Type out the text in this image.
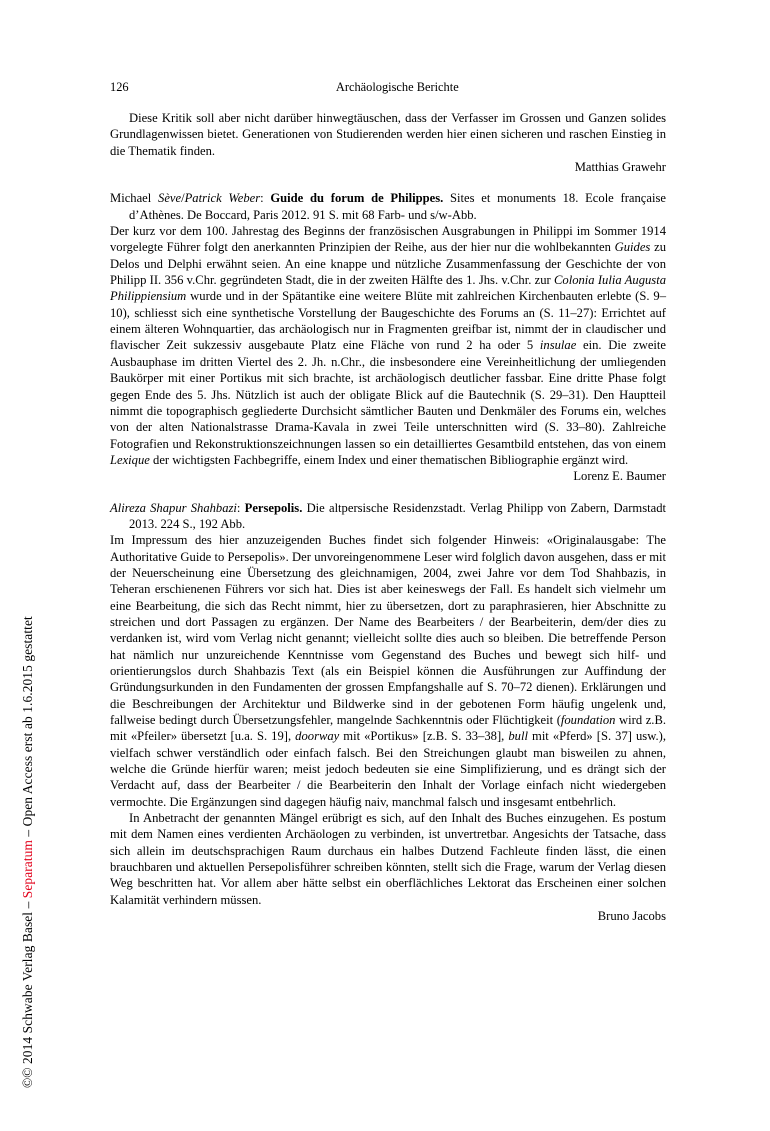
126	Archäologische Berichte

Diese Kritik soll aber nicht darüber hinwegtäuschen, dass der Verfasser im Grossen und Ganzen solides Grundlagenwissen bietet. Generationen von Studierenden werden hier einen sicheren und raschen Einstieg in die Thematik finden.

Matthias Grawehr

Michael Sève/Patrick Weber: Guide du forum de Philippes. Sites et monuments 18. Ecole française d’Athènes. De Boccard, Paris 2012. 91 S. mit 68 Farb- und s/w-Abb.

Der kurz vor dem 100. Jahrestag des Beginns der französischen Ausgrabungen in Philippi im Sommer 1914 vorgelegte Führer folgt den anerkannten Prinzipien der Reihe, aus der hier nur die wohlbekannten Guides zu Delos und Delphi erwähnt seien. An eine knappe und nützliche Zusammenfassung der Geschichte der von Philipp II. 356 v.Chr. gegründeten Stadt, die in der zweiten Hälfte des 1. Jhs. v.Chr. zur Colonia Iulia Augusta Philippiensium wurde und in der Spätantike eine weitere Blüte mit zahlreichen Kirchenbauten erlebte (S. 9–10), schliesst sich eine synthetische Vorstellung der Baugeschichte des Forums an (S. 11–27): Errichtet auf einem älteren Wohnquartier, das archäologisch nur in Fragmenten greifbar ist, nimmt der in claudischer und flavischer Zeit sukzessiv ausgebaute Platz eine Fläche von rund 2 ha oder 5 insulae ein. Die zweite Ausbauphase im dritten Viertel des 2. Jh. n.Chr., die insbesondere eine Vereinheitlichung der umliegenden Baukörper mit einer Portikus mit sich brachte, ist archäologisch deutlicher fassbar. Eine dritte Phase folgt gegen Ende des 5. Jhs. Nützlich ist auch der obligate Blick auf die Bautechnik (S. 29–31). Den Hauptteil nimmt die topographisch gegliederte Durchsicht sämtlicher Bauten und Denkmäler des Forums ein, welches von der alten Nationalstrasse Drama-Kavala in zwei Teile unterschnitten wird (S. 33–80). Zahlreiche Fotografien und Rekonstruktionszeichnungen lassen so ein detailliertes Gesamtbild entstehen, das von einem Lexique der wichtigsten Fachbegriffe, einem Index und einer thematischen Bibliographie ergänzt wird.

Lorenz E. Baumer

Alireza Shapur Shahbazi: Persepolis. Die altpersische Residenzstadt. Verlag Philipp von Zabern, Darmstadt 2013. 224 S., 192 Abb.

Im Impressum des hier anzuzeigenden Buches findet sich folgender Hinweis: «Originalausgabe: The Authoritative Guide to Persepolis». Der unvoreingenommene Leser wird folglich davon ausgehen, dass er mit der Neuerscheinung eine Übersetzung des gleichnamigen, 2004, zwei Jahre vor dem Tod Shahbazis, in Teheran erschienenen Führers vor sich hat. Dies ist aber keineswegs der Fall. Es handelt sich vielmehr um eine Bearbeitung, die sich das Recht nimmt, hier zu übersetzen, dort zu paraphrasieren, hier Abschnitte zu streichen und dort Passagen zu ergänzen. Der Name des Bearbeiters / der Bearbeiterin, dem/der dies zu verdanken ist, wird vom Verlag nicht genannt; vielleicht sollte dies auch so bleiben. Die betreffende Person hat nämlich nur unzureichende Kenntnisse vom Gegenstand des Buches und bewegt sich hilf- und orientierungslos durch Shahbazis Text (als ein Beispiel können die Ausführungen zur Auffindung der Gründungsurkunden in den Fundamenten der grossen Empfangshalle auf S. 70–72 dienen). Erklärungen und die Beschreibungen der Architektur und Bildwerke sind in der gebotenen Form häufig ungelenk und, fallweise bedingt durch Übersetzungsfehler, mangelnde Sachkenntnis oder Flüchtigkeit (foundation wird z.B. mit «Pfeiler» übersetzt [u.a. S. 19], doorway mit «Portikus» [z.B. S. 33–38], bull mit «Pferd» [S. 37] usw.), vielfach schwer verständlich oder einfach falsch. Bei den Streichungen glaubt man bisweilen zu ahnen, welche die Gründe hierfür waren; meist jedoch bedeuten sie eine Simplifizierung, und es drängt sich der Verdacht auf, dass der Bearbeiter / die Bearbeiterin den Inhalt der Vorlage einfach nicht wiedergeben vermochte. Die Ergänzungen sind dagegen häufig naiv, manchmal falsch und insgesamt entbehrlich.

In Anbetracht der genannten Mängel erübrigt es sich, auf den Inhalt des Buches einzugehen. Es postum mit dem Namen eines verdienten Archäologen zu verbinden, ist unvertretbar. Angesichts der Tatsache, dass sich allein im deutschsprachigen Raum durchaus ein halbes Dutzend Fachleute finden lässt, die einen brauchbaren und aktuellen Persepolisführer schreiben könnten, stellt sich die Frage, warum der Verlag diesen Weg beschritten hat. Vor allem aber hätte selbst ein oberflächliches Lektorat das Erscheinen einer solchen Kalamität verhindern müssen.

Bruno Jacobs

©© 2014 Schwabe Verlag Basel – Separatum – Open Access erst ab 1.6.2015 gestattet
